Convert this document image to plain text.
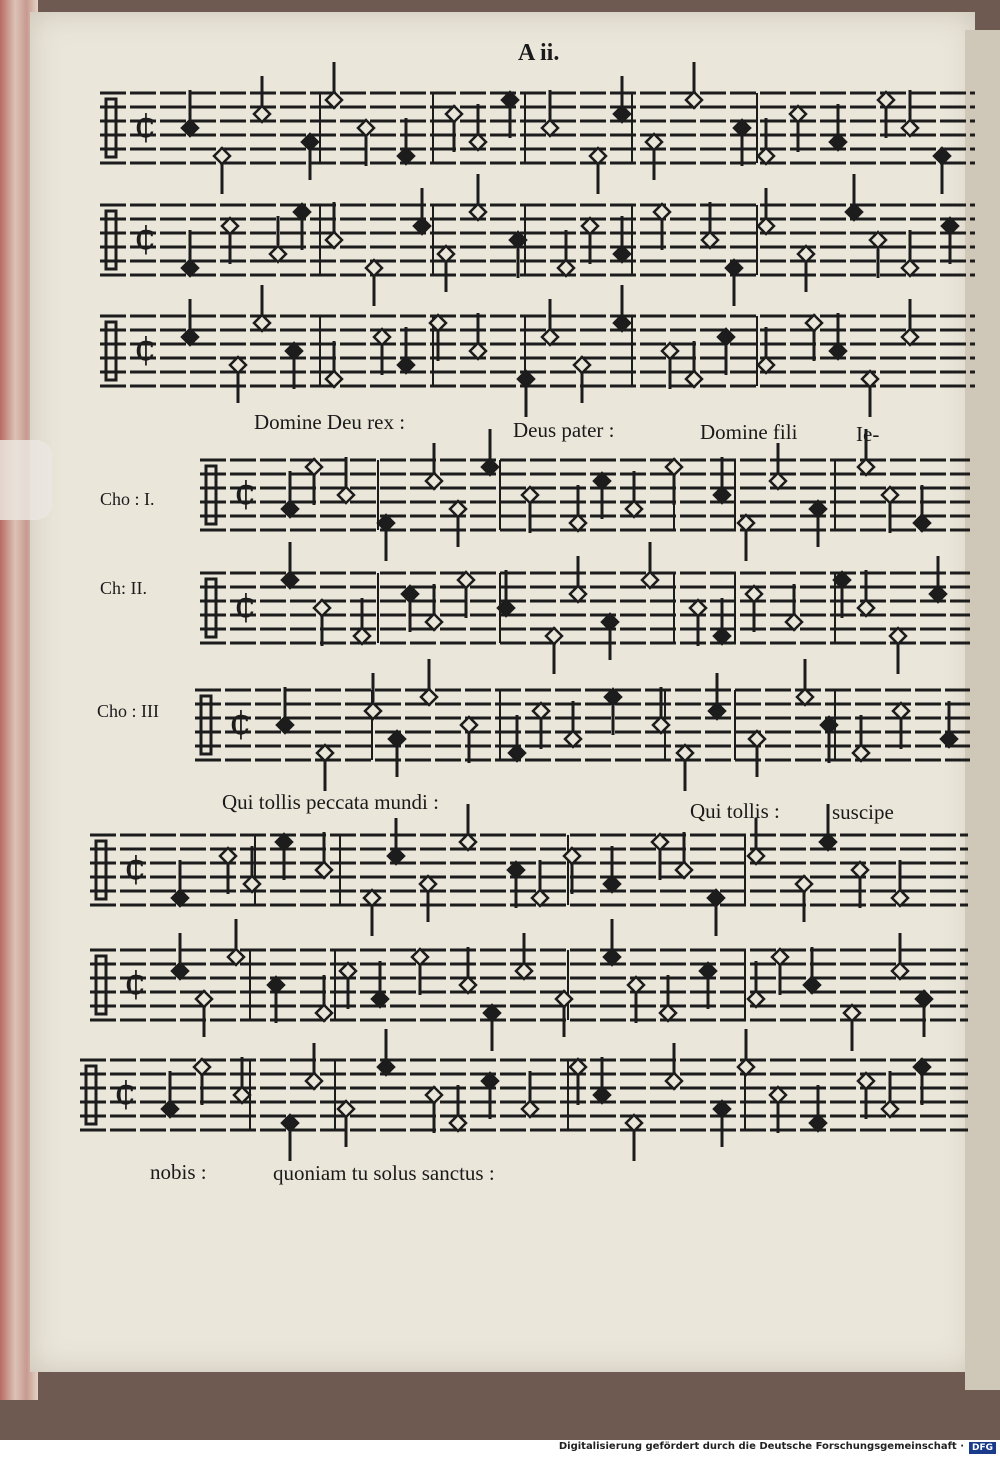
¢
¢
¢
¢
¢
¢
¢
¢
¢
A ii.
Domine Deu rex :	Deus pater :	Domine fili	Ie-
Cho : I.
Ch: II.
Cho : III
Qui tollis peccata mundi :	Qui tollis : suscipe
nobis :	quoniam tu solus sanctus :
Digitalisierung gefördert durch die Deutsche Forschungsgemeinschaft · DFG
